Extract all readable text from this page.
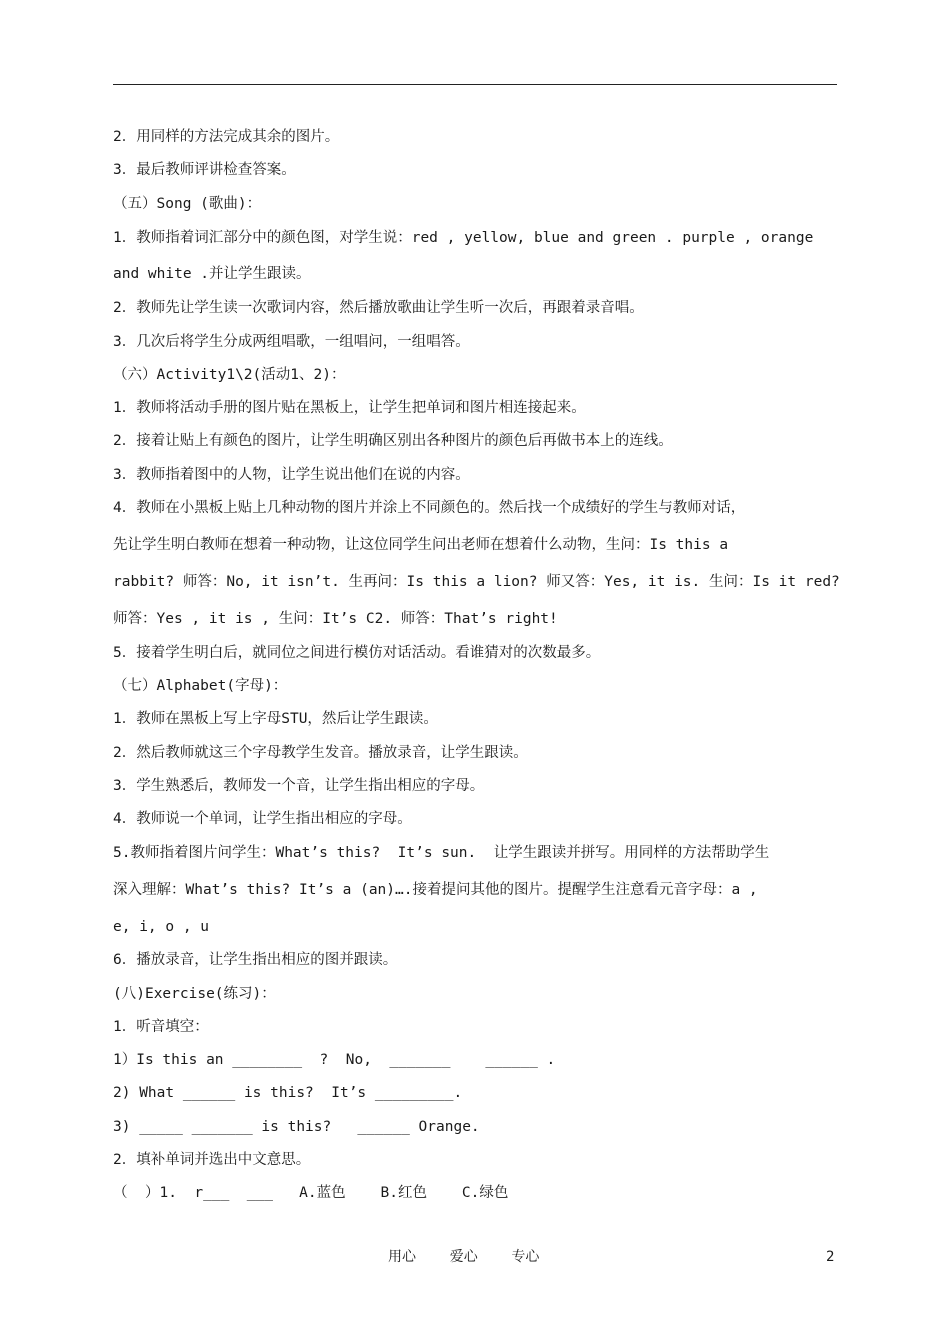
2．用同样的方法完成其余的图片。
3．最后教师评讲检查答案。
（五）Song (歌曲)：
1．教师指着词汇部分中的颜色图，对学生说：red , yellow, blue and green . purple , orange
and white .并让学生跟读。
2．教师先让学生读一次歌词内容，然后播放歌曲让学生听一次后，再跟着录音唱。
3．几次后将学生分成两组唱歌，一组唱问，一组唱答。
（六）Activity1\2(活动1、2)：
1．教师将活动手册的图片贴在黑板上，让学生把单词和图片相连接起来。
2．接着让贴上有颜色的图片，让学生明确区别出各种图片的颜色后再做书本上的连线。
3．教师指着图中的人物，让学生说出他们在说的内容。
4．教师在小黑板上贴上几种动物的图片并涂上不同颜色的。然后找一个成绩好的学生与教师对话，
先让学生明白教师在想着一种动物，让这位同学生问出老师在想着什么动物，生问：Is this a
rabbit? 师答：No, it isn’t. 生再问：Is this a lion? 师又答：Yes, it is. 生问：Is it red?
师答：Yes , it is , 生问：It’s C2. 师答：That’s right!
5．接着学生明白后，就同位之间进行模仿对话活动。看谁猜对的次数最多。
（七）Alphabet(字母)：
1．教师在黑板上写上字母STU，然后让学生跟读。
2．然后教师就这三个字母教学生发音。播放录音，让学生跟读。
3．学生熟悉后，教师发一个音，让学生指出相应的字母。
4．教师说一个单词，让学生指出相应的字母。
5.教师指着图片问学生：What’s this?  It’s sun.  让学生跟读并拼写。用同样的方法帮助学生
深入理解：What’s this? It’s a (an)….接着提问其他的图片。提醒学生注意看元音字母：a ,
e, i, o , u
6．播放录音，让学生指出相应的图并跟读。
(八)Exercise(练习)：
1．听音填空：
1）Is this an ________  ?  No,  _______    ______ .
2) What ______ is this?  It’s _________.
3) _____ _______ is this?   ______ Orange.
2．填补单词并选出中文意思。
（  ）1.  r___  ___   A.蓝色    B.红色    C.绿色
用心    爱心    专心	2
